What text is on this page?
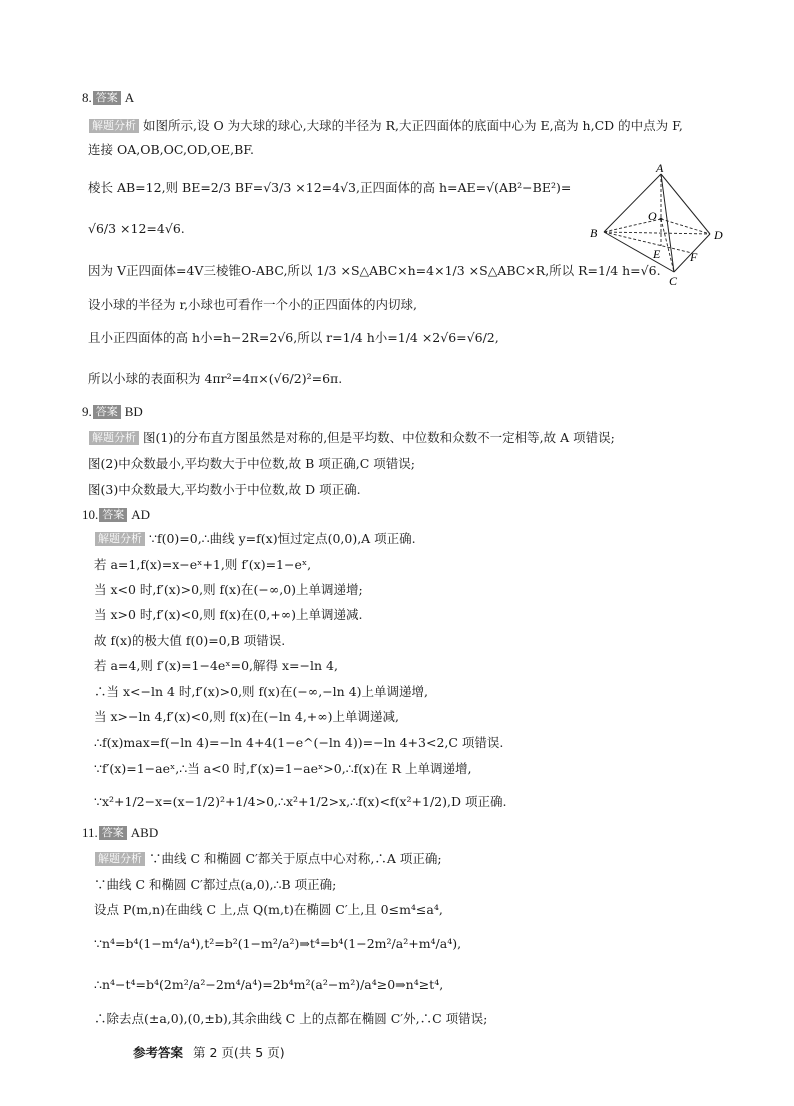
8. 答案 A
解题分析 如图所示,设 O 为大球的球心,大球的半径为 R,大正四面体的底面中心为 E,高为 h,CD 的中点为 F,
连接 OA,OB,OC,OD,OE,BF.
棱长 AB=12,则 BE=2/3 BF=√3/3 ×12=4√3,正四面体的高 h=AE=√(AB²−BE²)=
√6/3 ×12=4√6.
因为 V正四面体=4V三棱锥O-ABC,所以 1/3 ×S△ABC×h=4×1/3 ×S△ABC×R,所以 R=1/4 h=√6.
设小球的半径为 r,小球也可看作一个小的正四面体的内切球,
且小正四面体的高 h小=h−2R=2√6,所以 r=1/4 h小=1/4 ×2√6=√6/2,
所以小球的表面积为 4πr²=4π×(√6/2)²=6π.
A
O
B	D
E F
C
9. 答案 BD
解题分析 图(1)的分布直方图虽然是对称的,但是平均数、中位数和众数不一定相等,故 A 项错误;
图(2)中众数最小,平均数大于中位数,故 B 项正确,C 项错误;
图(3)中众数最大,平均数小于中位数,故 D 项正确.
10. 答案 AD
解题分析 ∵f(0)=0,∴曲线 y=f(x)恒过定点(0,0),A 项正确.
若 a=1,f(x)=x−eˣ+1,则 f′(x)=1−eˣ,
当 x<0 时,f′(x)>0,则 f(x)在(−∞,0)上单调递增;
当 x>0 时,f′(x)<0,则 f(x)在(0,+∞)上单调递减.
故 f(x)的极大值 f(0)=0,B 项错误.
若 a=4,则 f′(x)=1−4eˣ=0,解得 x=−ln 4,
∴当 x<−ln 4 时,f′(x)>0,则 f(x)在(−∞,−ln 4)上单调递增,
当 x>−ln 4,f′(x)<0,则 f(x)在(−ln 4,+∞)上单调递减,
∴f(x)max=f(−ln 4)=−ln 4+4(1−e^(−ln 4))=−ln 4+3<2,C 项错误.
∵f′(x)=1−aeˣ,∴当 a<0 时,f′(x)=1−aeˣ>0,∴f(x)在 R 上单调递增,
∵x²+1/2−x=(x−1/2)²+1/4>0,∴x²+1/2>x,∴f(x)<f(x²+1/2),D 项正确.
11. 答案 ABD
解题分析 ∵曲线 C 和椭圆 C′都关于原点中心对称,∴A 项正确;
∵曲线 C 和椭圆 C′都过点(a,0),∴B 项正确;
设点 P(m,n)在曲线 C 上,点 Q(m,t)在椭圆 C′上,且 0≤m⁴≤a⁴,
∵n⁴=b⁴(1−m⁴/a⁴),t²=b²(1−m²/a²)⇒t⁴=b⁴(1−2m²/a²+m⁴/a⁴),
∴n⁴−t⁴=b⁴(2m²/a²−2m⁴/a⁴)=2b⁴m²(a²−m²)/a⁴≥0⇒n⁴≥t⁴,
∴除去点(±a,0),(0,±b),其余曲线 C 上的点都在椭圆 C′外,∴C 项错误;
参考答案 第 2 页(共 5 页)
